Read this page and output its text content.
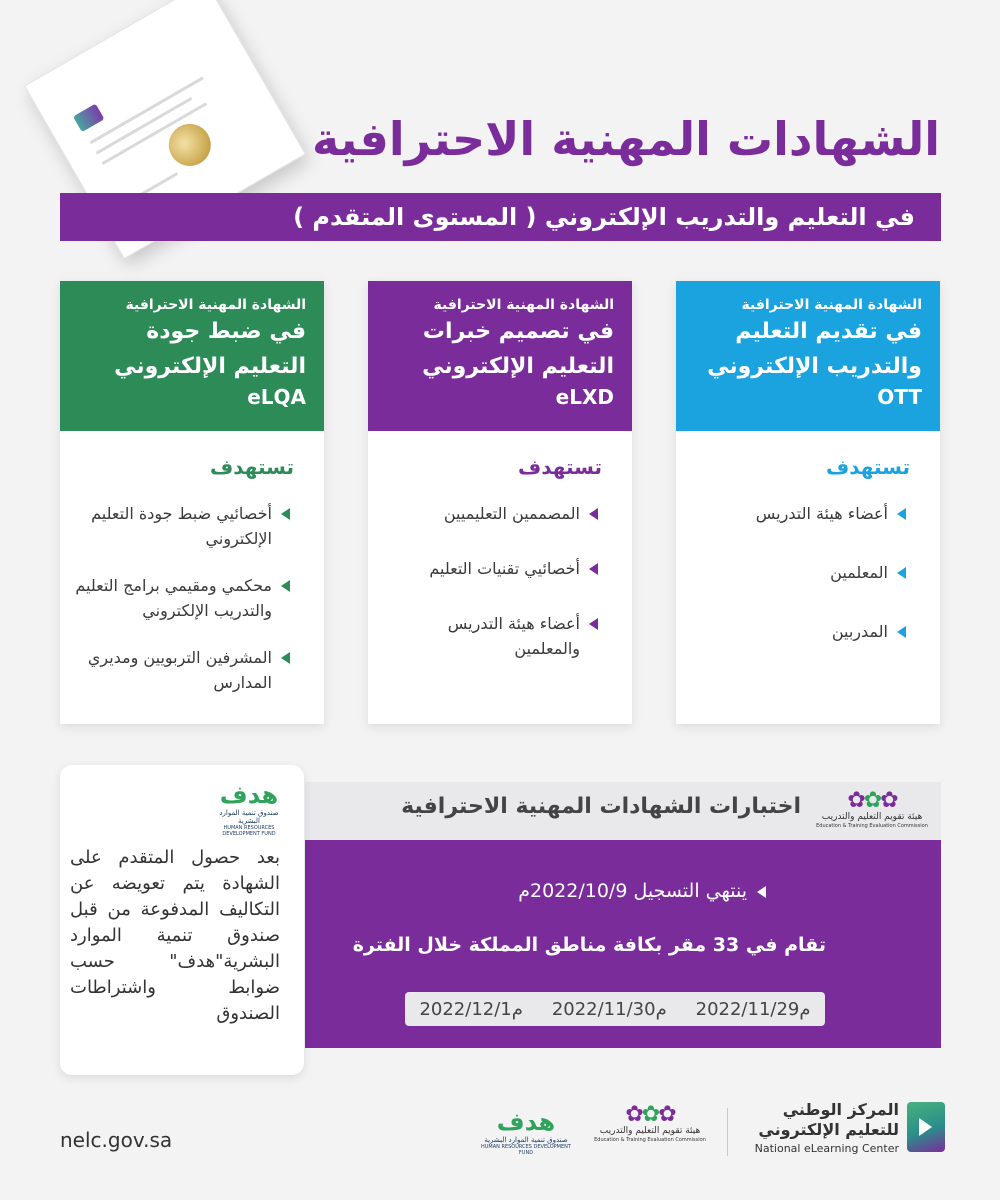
الشهادات المهنية الاحترافية
في التعليم والتدريب الإلكتروني ( المستوى المتقدم )
الشهادة المهنية الاحترافية
في تقديم التعليم
والتدريب الإلكتروني
OTT
تستهدف
أعضاء هيئة التدريس
المعلمين
المدربين
الشهادة المهنية الاحترافية
في تصميم خبرات
التعليم الإلكتروني
eLXD
تستهدف
المصممين التعليميين
أخصائيي تقنيات التعليم
أعضاء هيئة التدريس والمعلمين
الشهادة المهنية الاحترافية
في ضبط جودة
التعليم الإلكتروني
eLQA
تستهدف
أخصائيي ضبط جودة التعليم الإلكتروني
محكمي ومقيمي برامج التعليم والتدريب الإلكتروني
المشرفين التربويين ومديري المدارس
اختبارات الشهادات المهنية الاحترافية	✿✿✿
هيئة تقويم التعليم والتدريب
Education & Training Evaluation Commission
ينتهي التسجيل 2022/10/9م
تقام في 33 مقر بكافة مناطق المملكة خلال الفترة
2022/11/29م
2022/11/30م
2022/12/1م
هدف
صندوق تنمية الموارد البشرية
HUMAN RESOURCES DEVELOPMENT FUND
بعد حصول المتقدم على الشهادة يتم تعويضه عن التكاليف المدفوعة من قبل صندوق تنمية الموارد البشرية"هدف" حسب ضوابط واشتراطات الصندوق
nelc.gov.sa
هدف
صندوق تنمية الموارد البشرية
HUMAN RESOURCES DEVELOPMENT FUND
✿✿✿
هيئة تقويم التعليم والتدريب
Education & Training Evaluation Commission
المركز الوطني
للتعليم الإلكتروني
National eLearning Center
